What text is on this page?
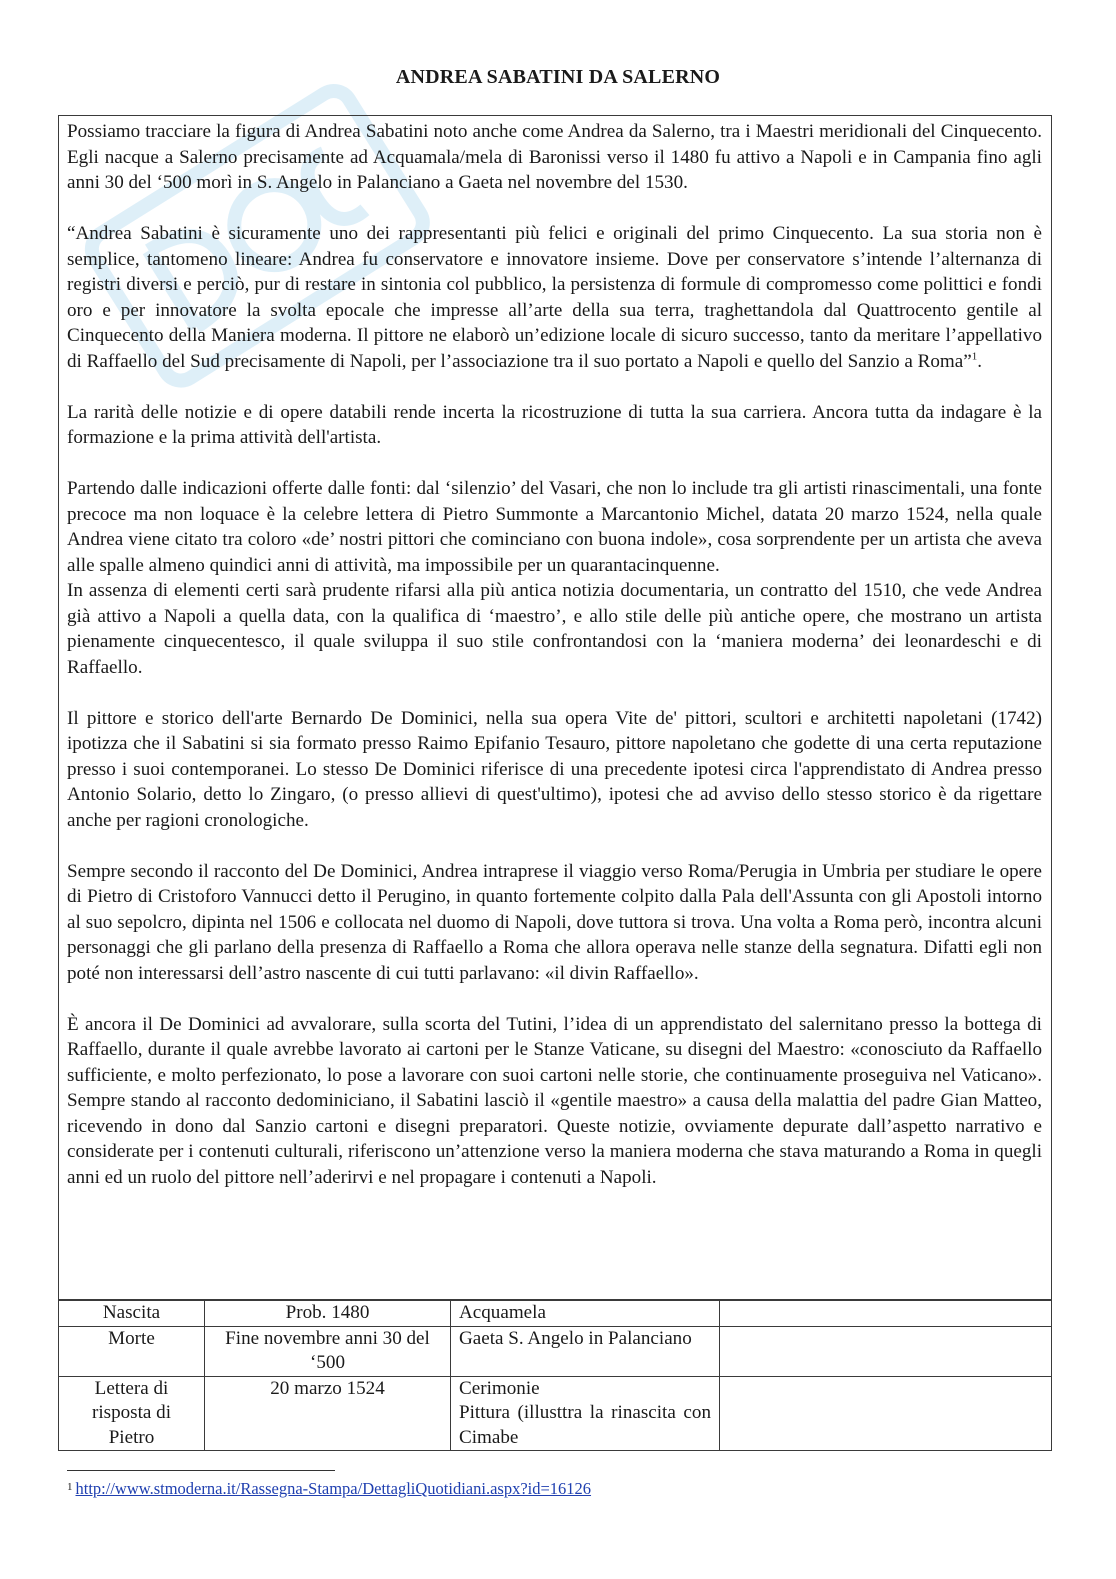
ANDREA SABATINI DA SALERNO

Possiamo tracciare la figura di Andrea Sabatini noto anche come Andrea da Salerno, tra i Maestri meridionali del Cinquecento. Egli nacque a Salerno precisamente ad Acquamala/mela di Baronissi verso il 1480 fu attivo a Napoli e in Campania fino agli anni 30 del ‘500 morì in S. Angelo in Palanciano a Gaeta nel novembre del 1530.

“Andrea Sabatini è sicuramente uno dei rappresentanti più felici e originali del primo Cinquecento. La sua storia non è semplice, tantomeno lineare: Andrea fu conservatore e innovatore insieme. Dove per conservatore s’intende l’alternanza di registri diversi e perciò, pur di restare in sintonia col pubblico, la persistenza di formule di compromesso come polittici e fondi oro e per innovatore la svolta epocale che impresse all’arte della sua terra, traghettandola dal Quattrocento gentile al Cinquecento della Maniera moderna. Il pittore ne elaborò un’edizione locale di sicuro successo, tanto da meritare l’appellativo di Raffaello del Sud precisamente di Napoli, per l’associazione tra il suo portato a Napoli e quello del Sanzio a Roma”$^1$.

La rarità delle notizie e di opere databili rende incerta la ricostruzione di tutta la sua carriera. Ancora tutta da indagare è la formazione e la prima attività dell'artista.

Partendo dalle indicazioni offerte dalle fonti: dal ‘silenzio’ del Vasari, che non lo include tra gli artisti rinascimentali, una fonte precoce ma non loquace è la celebre lettera di Pietro Summonte a Marcantonio Michel, datata 20 marzo 1524, nella quale Andrea viene citato tra coloro «de’ nostri pittori che cominciano con buona indole», cosa sorprendente per un artista che aveva alle spalle almeno quindici anni di attività, ma impossibile per un quarantacinquenne.

In assenza di elementi certi sarà prudente rifarsi alla più antica notizia documentaria, un contratto del 1510, che vede Andrea già attivo a Napoli a quella data, con la qualifica di ‘maestro’, e allo stile delle più antiche opere, che mostrano un artista pienamente cinquecentesco, il quale sviluppa il suo stile confrontandosi con la ‘maniera moderna’ dei leonardeschi e di Raffaello.

Il pittore e storico dell'arte Bernardo De Dominici, nella sua opera Vite de' pittori, scultori e architetti napoletani (1742) ipotizza che il Sabatini si sia formato presso Raimo Epifanio Tesauro, pittore napoletano che godette di una certa reputazione presso i suoi contemporanei. Lo stesso De Dominici riferisce di una precedente ipotesi circa l'apprendistato di Andrea presso Antonio Solario, detto lo Zingaro, (o presso allievi di quest'ultimo), ipotesi che ad avviso dello stesso storico è da rigettare anche per ragioni cronologiche.

Sempre secondo il racconto del De Dominici, Andrea intraprese il viaggio verso Roma/Perugia in Umbria per studiare le opere di Pietro di Cristoforo Vannucci detto il Perugino, in quanto fortemente colpito dalla Pala dell'Assunta con gli Apostoli intorno al suo sepolcro, dipinta nel 1506 e collocata nel duomo di Napoli, dove tuttora si trova. Una volta a Roma però, incontra alcuni personaggi che gli parlano della presenza di Raffaello a Roma che allora operava nelle stanze della segnatura. Difatti egli non poté non interessarsi dell’astro nascente di cui tutti parlavano: «il divin Raffaello».

È ancora il De Dominici ad avvalorare, sulla scorta del Tutini, l’idea di un apprendistato del salernitano presso la bottega di Raffaello, durante il quale avrebbe lavorato ai cartoni per le Stanze Vaticane, su disegni del Maestro: «conosciuto da Raffaello sufficiente, e molto perfezionato, lo pose a lavorare con suoi cartoni nelle storie, che continuamente proseguiva nel Vaticano». Sempre stando al racconto dedominiciano, il Sabatini lasciò il «gentile maestro» a causa della malattia del padre Gian Matteo, ricevendo in dono dal Sanzio cartoni e disegni preparatori. Queste notizie, ovviamente depurate dall’aspetto narrativo e considerate per i contenuti culturali, riferiscono un’attenzione verso la maniera moderna che stava maturando a Roma in quegli anni ed un ruolo del pittore nell’aderirvi e nel propagare i contenuti a Napoli.

Nascita	Prob. 1480	Acquamela	
Morte	Fine novembre anni 30 del ‘500	Gaeta S. Angelo in Palanciano	
Lettera di risposta di Pietro	20 marzo 1524	Cerimonie
Pittura (illusttra la rinascita con Cimabe	

$^1$ http://www.stmoderna.it/Rassegna-Stampa/DettagliQuotidiani.aspx?id=16126
